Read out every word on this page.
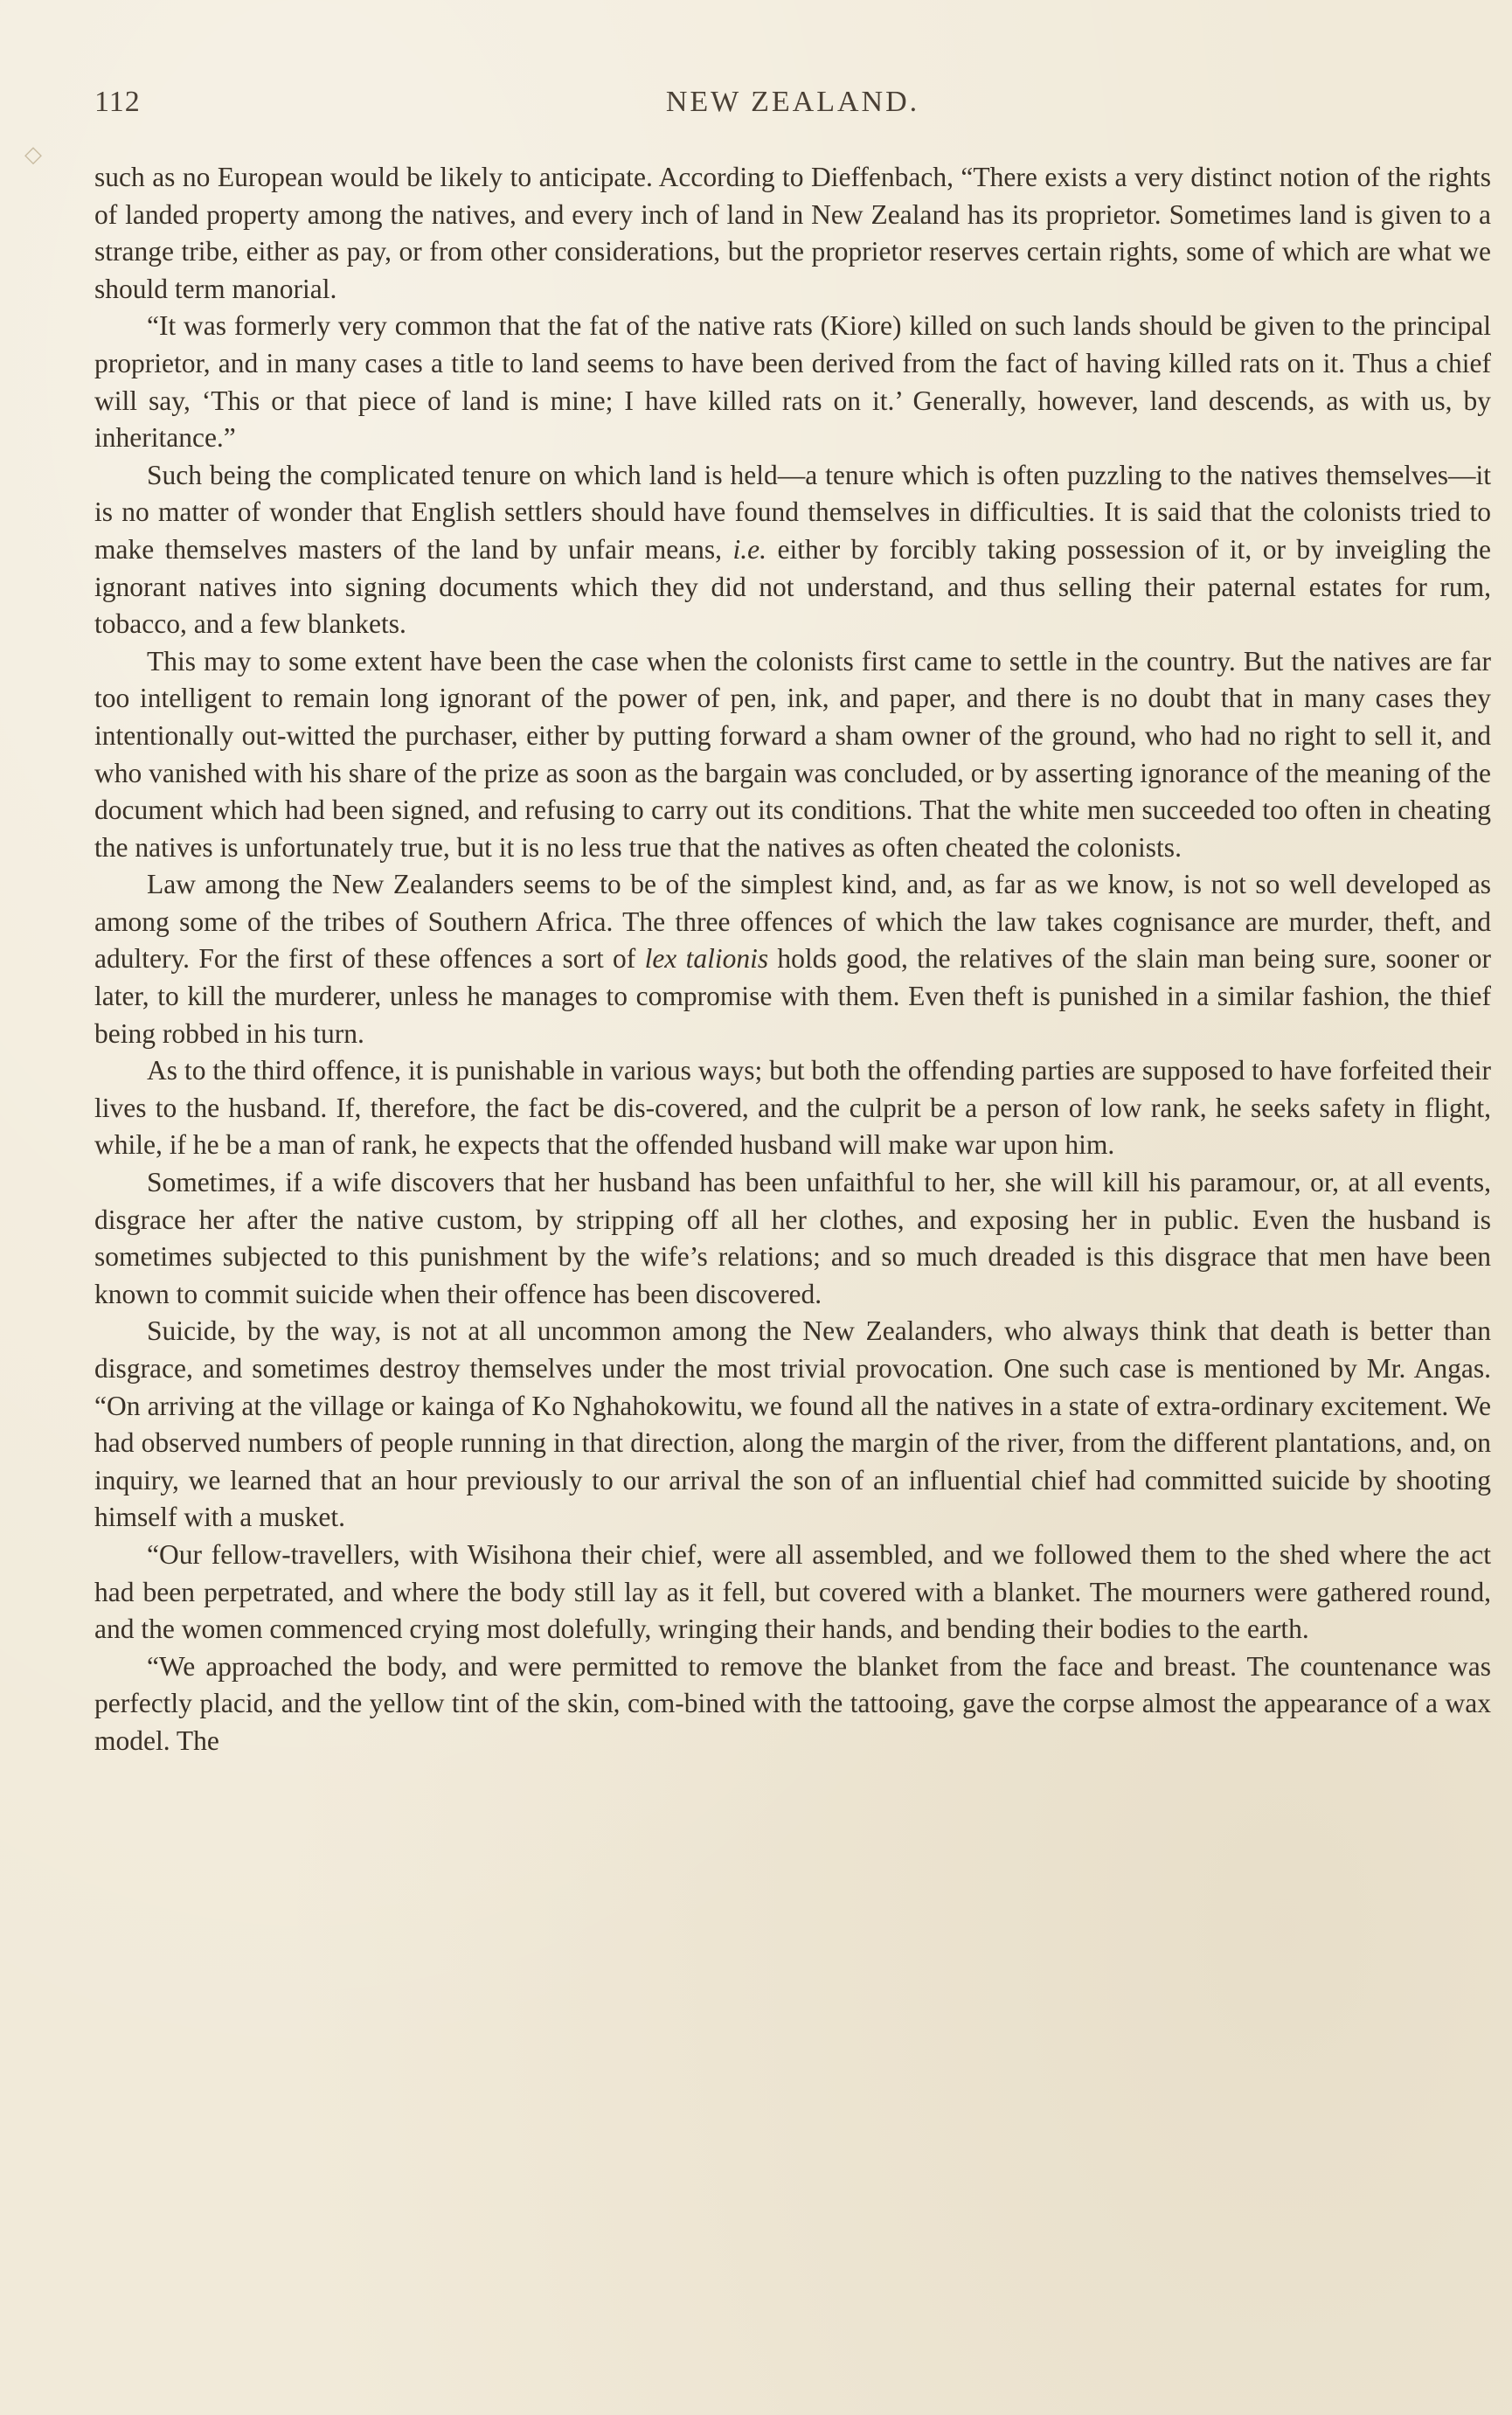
112	NEW ZEALAND.
◇

such as no European would be likely to anticipate. According to Dieffenbach, “There exists a very distinct notion of the rights of landed property among the natives, and every inch of land in New Zealand has its proprietor. Sometimes land is given to a strange tribe, either as pay, or from other considerations, but the proprietor reserves certain rights, some of which are what we should term manorial.

“It was formerly very common that the fat of the native rats (Kiore) killed on such lands should be given to the principal proprietor, and in many cases a title to land seems to have been derived from the fact of having killed rats on it. Thus a chief will say, ‘This or that piece of land is mine; I have killed rats on it.’ Generally, however, land descends, as with us, by inheritance.”

Such being the complicated tenure on which land is held—a tenure which is often puzzling to the natives themselves—it is no matter of wonder that English settlers should have found themselves in difficulties. It is said that the colonists tried to make themselves masters of the land by unfair means, i.e. either by forcibly taking possession of it, or by inveigling the ignorant natives into signing documents which they did not understand, and thus selling their paternal estates for rum, tobacco, and a few blankets.

This may to some extent have been the case when the colonists first came to settle in the country. But the natives are far too intelligent to remain long ignorant of the power of pen, ink, and paper, and there is no doubt that in many cases they intentionally out-witted the purchaser, either by putting forward a sham owner of the ground, who had no right to sell it, and who vanished with his share of the prize as soon as the bargain was concluded, or by asserting ignorance of the meaning of the document which had been signed, and refusing to carry out its conditions. That the white men succeeded too often in cheating the natives is unfortunately true, but it is no less true that the natives as often cheated the colonists.

Law among the New Zealanders seems to be of the simplest kind, and, as far as we know, is not so well developed as among some of the tribes of Southern Africa. The three offences of which the law takes cognisance are murder, theft, and adultery. For the first of these offences a sort of lex talionis holds good, the relatives of the slain man being sure, sooner or later, to kill the murderer, unless he manages to compromise with them. Even theft is punished in a similar fashion, the thief being robbed in his turn.

As to the third offence, it is punishable in various ways; but both the offending parties are supposed to have forfeited their lives to the husband. If, therefore, the fact be dis-covered, and the culprit be a person of low rank, he seeks safety in flight, while, if he be a man of rank, he expects that the offended husband will make war upon him.

Sometimes, if a wife discovers that her husband has been unfaithful to her, she will kill his paramour, or, at all events, disgrace her after the native custom, by stripping off all her clothes, and exposing her in public. Even the husband is sometimes subjected to this punishment by the wife’s relations; and so much dreaded is this disgrace that men have been known to commit suicide when their offence has been discovered.

Suicide, by the way, is not at all uncommon among the New Zealanders, who always think that death is better than disgrace, and sometimes destroy themselves under the most trivial provocation. One such case is mentioned by Mr. Angas. “On arriving at the village or kainga of Ko Nghahokowitu, we found all the natives in a state of extra-ordinary excitement. We had observed numbers of people running in that direction, along the margin of the river, from the different plantations, and, on inquiry, we learned that an hour previously to our arrival the son of an influential chief had committed suicide by shooting himself with a musket.

“Our fellow-travellers, with Wisihona their chief, were all assembled, and we followed them to the shed where the act had been perpetrated, and where the body still lay as it fell, but covered with a blanket. The mourners were gathered round, and the women commenced crying most dolefully, wringing their hands, and bending their bodies to the earth.

“We approached the body, and were permitted to remove the blanket from the face and breast. The countenance was perfectly placid, and the yellow tint of the skin, com-bined with the tattooing, gave the corpse almost the appearance of a wax model. The
